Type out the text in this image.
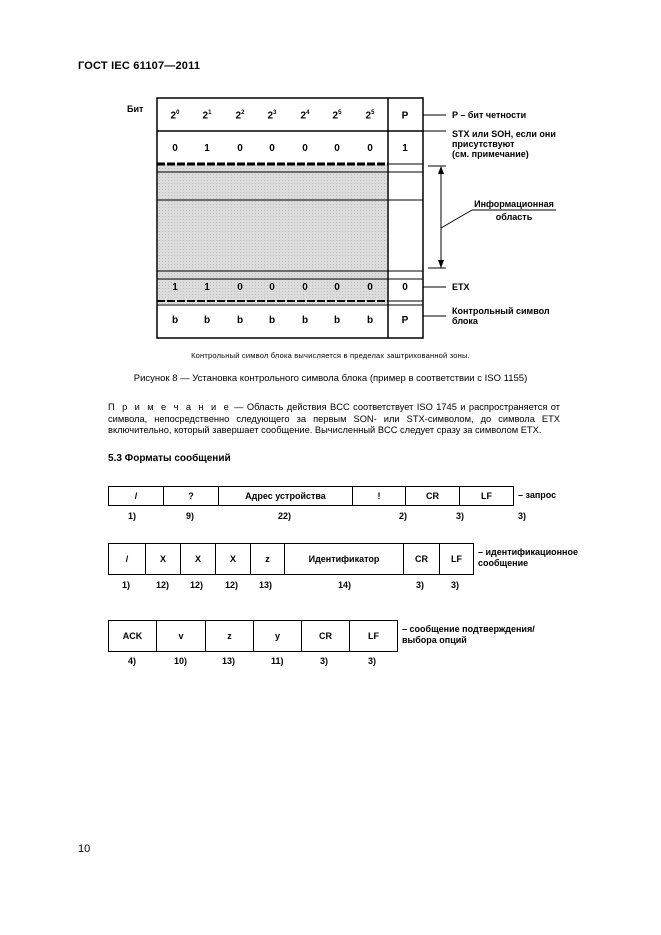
ГОСТ IEC 61107—2011
Бит
$2^0$	$2^1$	$2^2$	$2^3$	$2^4$	$2^5$	$2^5$	P
0	1	0	0	0	0	0	1
1	1	0	0	0	0	0	0
b	b	b	b	b	b	b	P
P – бит четности
STX или SOH, если они
присутствуют
(см. примечание)
Информационная
область
ETX
Контрольный символ
блока
Контрольный символ блока вычисляется в пределах заштрихованной зоны.
Рисунок 8 — Установка контрольного символа блока (пример в соответствии с ISO 1155)
П р и м е ч а н и е — Область действия BCC соответствует ISO 1745 и распространяется от символа, непосредственно следующего за первым SON- или STX-символом, до символа ETX включительно, который завершает сообщение. Вычисленный BCC следует сразу за символом ETX.
5.3 Форматы сообщений
/	?	Адрес устройства	!	CR	LF	– запрос
1)	9)	22)	2)	3)	3)
/	X	X	X	z	Идентификатор	CR	LF
– идентификационное
сообщение
1)	12) 12) 12) 13)	14)	3)	3)
ACK	v	z	y	CR	LF
– сообщение подтверждения/
выбора опций
4)	10)	13)	11)	3)	3)
10
